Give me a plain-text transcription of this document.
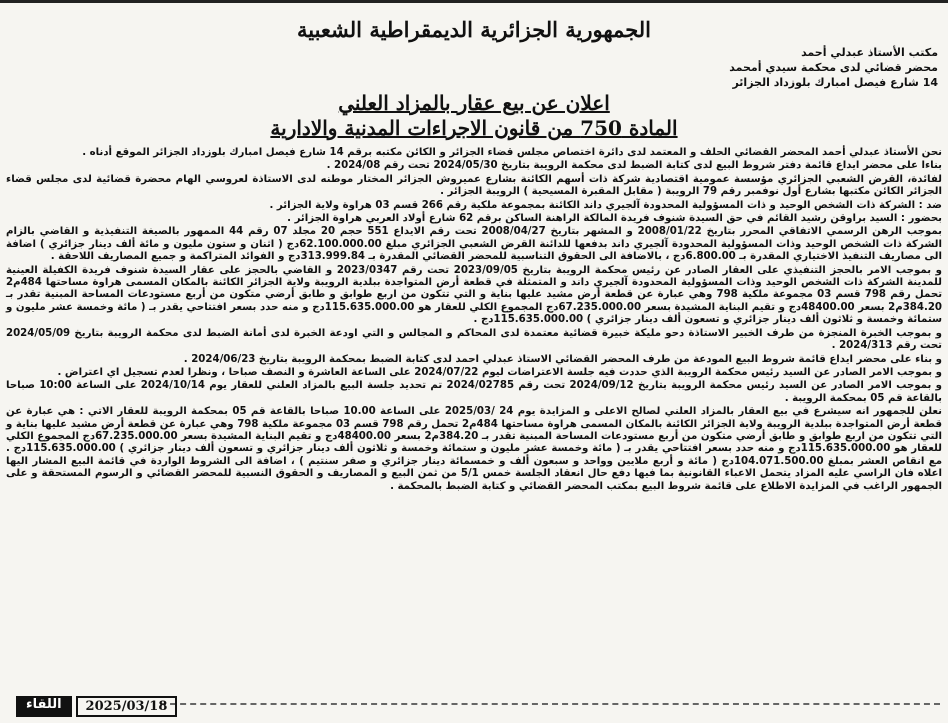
الجمهورية الجزائرية الديمقراطية الشعبية
مكتب الأستاذ عبدلي أحمد
محضر قضائي لدى محكمة سيدي أمحمد
14 شارع فيصل امبارك بلوزداد الجزائر
اعلان عن بيع عقار بالمزاد العلني
المادة 750 من قانون الاجراءات المدنية والادارية

نحن الأستاذ عبدلي أحمد المحضر القضائي الحلف و المعتمد لدى دائرة اختصاص مجلس قضاء الجزائر و الكائن مكتبه برقم 14 شارع فيصل امبارك بلوزداد الجزائر الموقع أدناه .

بناءا على محضر ايداع قائمة دفتر شروط البيع لدى كتابة الضبط لدى محكمة الرويبة بتاريخ 2024/05/30 تحت رقم 2024/08 .

لفائدة، القرض الشعبي الجزائري مؤسسة عمومية اقتصادية شركة ذات أسهم الكائنة بشارع عميروش الجزائر المختار موطنه لدى الاستاذة لعروسي الهام محضرة قضائية لدى مجلس قضاء الجزائر الكائن مكتبها بشارع أول نوفمبر رقم 79 الرويبة ( مقابل المقبرة المسيحية ) الرويبة الجزائر .

ضد : الشركة ذات الشخص الوحيد و ذات المسؤولية المحدودة آلجيري داند الكائنة بمجموعة ملكية رقم 266 قسم 03 هراوة ولاية الجزائر .

بحضور : السيد براوقن رشيد القائم في حق السيدة شنوف فريدة المالكة الراهنة الساكن برقم 62 شارع أولاد العربي هراوة الجزائر .

بموجب الرهن الرسمي الاتفاقي المحرر بتاريخ 2008/01/22 و المشهر بتاريخ 2008/04/27 تحت رقم الايداع 551 حجم 20 مجلد 07 رقم 44 الممهور بالصيغة التنفيذية و القاضي بالزام الشركة ذات الشخص الوحيد وذات المسؤولية المحدودة آلجيري داند بدفعها للدائنة القرض الشعبي الجزائري مبلغ 62.100.000.00دج ( اثنان و ستون مليون و مائة ألف دينار جزائري ) اضافة الى مصاريف التنفيذ الاختياري المقدرة بـ 6.800.00دج ، بالاضافة الى الحقوق التناسبية للمحضر القضائي المقدرة بـ 313.999.84دج و الفوائد المتراكمة و جميع المصاريف اللاحقة .

و بموجب الامر بالحجز التنفيذي على العقار الصادر عن رئيس محكمة الرويبة بتاريخ 2023/09/05 تحت رقم 2023/0347 و القاضي بالحجز على عقار السيدة شنوف فريدة الكفيلة العينية للمدينة الشركة ذات الشخص الوحيد وذات المسؤولية المحدودة آلجيري داند و المتمثلة في قطعة أرض المتواجدة ببلدية الرويبة ولاية الجزائر الكائنة بالمكان المسمى هراوة مساحتها 484م2 تحمل رقم 798 قسم 03 مجموعة ملكية 798 وهي عبارة عن قطعة أرض مشيد عليها بناية و التي تتكون من اربع طوابق و طابق أرضي متكون من أربع مستودعات المساحة المبنية تقدر بـ 384.20م2 بسعر 48400.00دج و تقيم البناية المشيدة بسعر 67.235.000.00دج المجموع الكلي للعقار هو 115.635.000.00دج و منه حدد بسعر افتتاحي يقدر بـ ( مائة وخمسة عشر مليون و ستمائة وخمسة و ثلاثون ألف دينار جزائري و تسعون ألف دينار جزائري ) 115.635.000.00دج .

و بموجب الخبرة المنجزة من طرف الخبير الاستاذة دحو مليكة خبيرة قضائية معتمدة لدى المحاكم و المجالس و التي اودعة الخبرة لدى أمانة الضبط لدى محكمة الرويبة بتاريخ 2024/05/09 تحت رقم 2024/313 .

و بناء على محضر ايداع قائمة شروط البيع المودعة من طرف المحضر القضائي الاستاذ عبدلي احمد لدى كتابة الضبط بمحكمة الرويبة بتاريخ 2024/06/23 .

و بموجب الامر الصادر عن السيد رئيس محكمة الرويبة الذي حددت فيه جلسة الاعتراضات ليوم 2024/07/22 على الساعة العاشرة و النصف صباحا ، ونظرا لعدم تسجيل اي اعتراض .

و بموجب الامر الصادر عن السيد رئيس محكمة الرويبة بتاريخ 2024/09/12 تحت رقم 2024/02785 تم تحديد جلسة البيع بالمزاد العلني للعقار يوم 2024/10/14 على الساعة 10:00 صباحا بالقاعة قم 05 بمحكمة الرويبة .

نعلن للجمهور انه سيشرع في بيع العقار بالمزاد العلني لصالح الاعلى و المزايدة يوم 24 /2025/03 على الساعة 10.00 صباحا بالقاعة قم 05 بمحكمة الرويبة للعقار الاتي : هي عبارة عن قطعة أرض المتواجدة ببلدية الرويبة ولاية الجزائر الكائنة بالمكان المسمى هراوة مساحتها 484م2 تحمل رقم 798 قسم 03 مجموعة ملكية 798 وهي عبارة عن قطعة أرض مشيد عليها بناية و التي تتكون من اربع طوابق و طابق أرضي متكون من أربع مستودعات المساحة المبنية تقدر بـ 384.20م2 بسعر 48400.00دج و تقيم البناية المشيدة بسعر 67.235.000.00دج المجموع الكلي للعقار هو 115.635.000.00دج و منه حدد بسعر افتتاحي يقدر بـ ( مائة وخمسة عشر مليون و ستمائة وخمسة و ثلاثون ألف دينار جزائري و تسعون ألف دينار جزائري ) 115.635.000.00دج . مع انقاص العشر بمبلغ 104.071.500.00دج ( مائة و أربع ملايين وواحد و سبعون ألف و خمسمائة دينار جزائري و صفر سنتيم ) ، اضافة الى الشروط الواردة في قائمة البيع المشار اليها اعلاه فان الراسي عليه المزاد يتحمل الاعباء القانونية بما فيها دفع حال انعقاد الجلسة خمس 5/1 من ثمن البيع و المصاريف و الحقوق النسبية للمحضر القضائي و الرسوم المستحقة و على الجمهور الراغب في المزايدة الاطلاع على قائمة شروط البيع بمكتب المحضر القضائي و كتابة الضبط بالمحكمة .

اللقاء	2025/03/18
